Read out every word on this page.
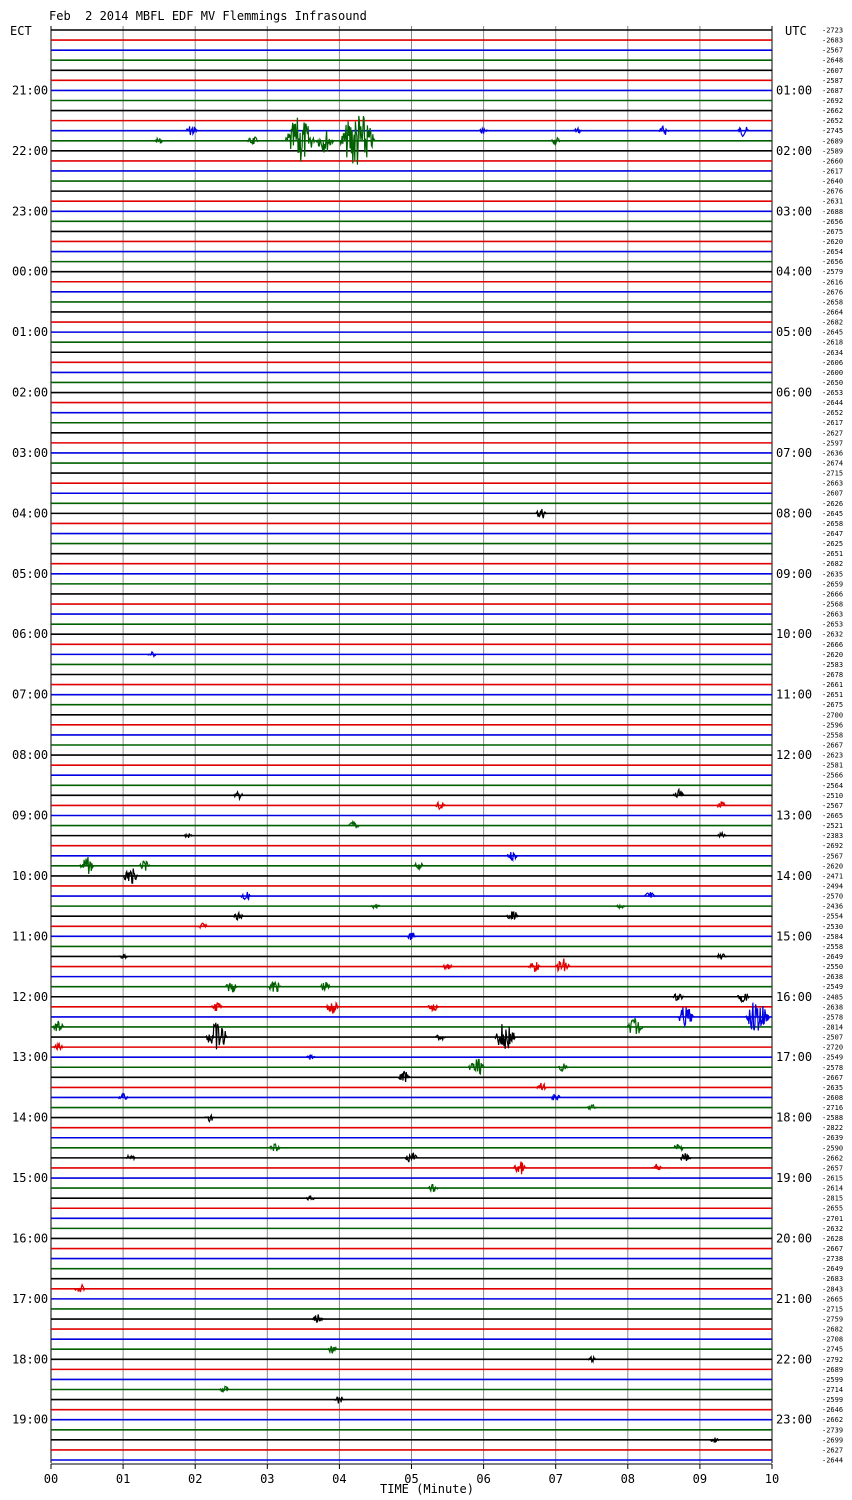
Feb  2 2014 MBFL EDF MV Flemmings Infrasound
ECT	UTC
21:00
22:00
23:00
00:00
01:00
02:00
03:00
04:00
05:00
06:00
07:00
08:00
09:00
10:00
11:00
12:00
13:00
14:00
15:00
16:00
17:00
18:00
19:00
01:00
02:00
03:00
04:00
05:00
06:00
07:00
08:00
09:00
10:00
11:00
12:00
13:00
14:00
15:00
16:00
17:00
18:00
19:00
20:00
21:00
22:00
23:00
-2723
-2683
-2567
-2648
-2607
-2587
-2687
-2692
-2662
-2652
-2745
-2689
-2589
-2660
-2617
-2640
-2676
-2631
-2688
-2656
-2675
-2620
-2654
-2656
-2579
-2616
-2676
-2658
-2664
-2682
-2645
-2618
-2634
-2606
-2600
-2650
-2653
-2644
-2652
-2617
-2627
-2597
-2636
-2674
-2715
-2663
-2607
-2626
-2645
-2658
-2647
-2625
-2651
-2682
-2635
-2659
-2666
-2568
-2663
-2653
-2632
-2666
-2620
-2583
-2678
-2661
-2651
-2675
-2700
-2596
-2558
-2667
-2623
-2581
-2566
-2564
-2510
-2567
-2665
-2521
-2383
-2692
-2567
-2620
-2471
-2494
-2570
-2436
-2554
-2530
-2584
-2558
-2649
-2550
-2638
-2549
-2485
-2638
-2578
-2814
-2507
-2720
-2549
-2578
-2667
-2635
-2608
-2716
-2588
-2822
-2639
-2590
-2662
-2657
-2615
-2614
-2815
-2655
-2701
-2632
-2628
-2667
-2738
-2649
-2683
-2843
-2665
-2715
-2759
-2682
-2708
-2745
-2792
-2689
-2599
-2714
-2599
-2646
-2662
-2739
-2699
-2627
-2644
00	01	02	03	04	05	06	07	08	09	10
TIME (Minute)
